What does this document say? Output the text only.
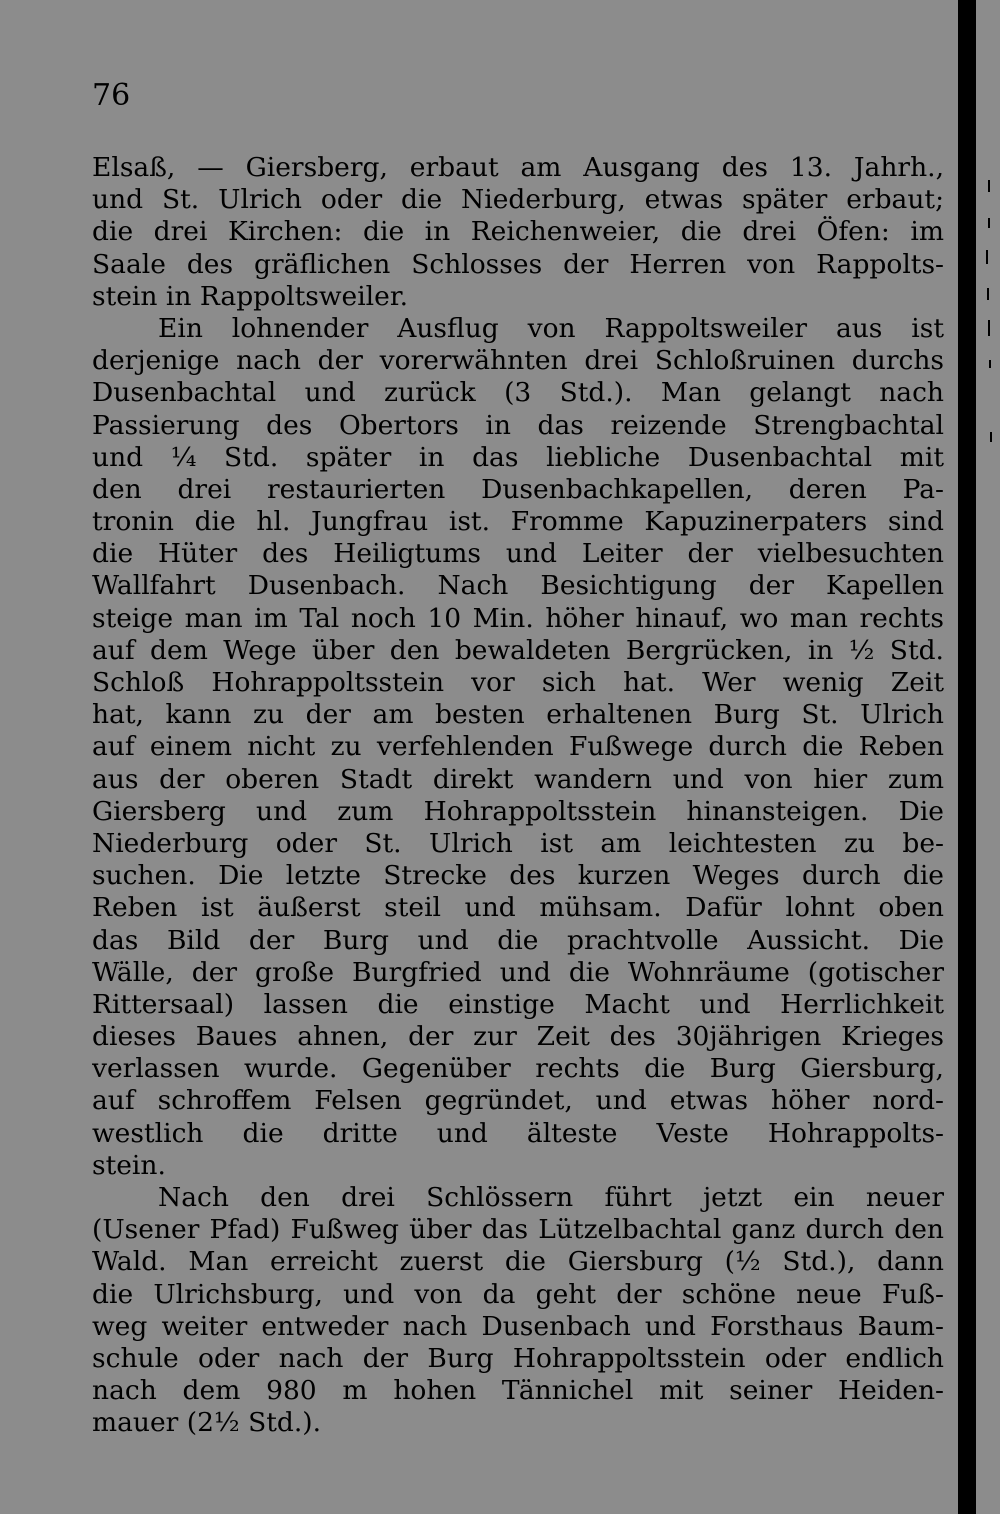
76
Elsaß, — Giersberg, erbaut am Ausgang des 13. Jahrh.,
und St. Ulrich oder die Niederburg, etwas später erbaut;
die drei Kirchen: die in Reichenweier, die drei Öfen: im
Saale des gräflichen Schlosses der Herren von Rappolts-
stein in Rappoltsweiler.
Ein lohnender Ausflug von Rappoltsweiler aus ist
derjenige nach der vorerwähnten drei Schloßruinen durchs
Dusenbachtal und zurück (3 Std.). Man gelangt nach
Passierung des Obertors in das reizende Strengbachtal
und ¼ Std. später in das liebliche Dusenbachtal mit
den drei restaurierten Dusenbachkapellen, deren Pa-
tronin die hl. Jungfrau ist. Fromme Kapuzinerpaters sind
die Hüter des Heiligtums und Leiter der vielbesuchten
Wallfahrt Dusenbach. Nach Besichtigung der Kapellen
steige man im Tal noch 10 Min. höher hinauf, wo man rechts
auf dem Wege über den bewaldeten Bergrücken, in ½ Std.
Schloß Hohrappoltsstein vor sich hat. Wer wenig Zeit
hat, kann zu der am besten erhaltenen Burg St. Ulrich
auf einem nicht zu verfehlenden Fußwege durch die Reben
aus der oberen Stadt direkt wandern und von hier zum
Giersberg und zum Hohrappoltsstein hinansteigen. Die
Niederburg oder St. Ulrich ist am leichtesten zu be-
suchen. Die letzte Strecke des kurzen Weges durch die
Reben ist äußerst steil und mühsam. Dafür lohnt oben
das Bild der Burg und die prachtvolle Aussicht. Die
Wälle, der große Burgfried und die Wohnräume (gotischer
Rittersaal) lassen die einstige Macht und Herrlichkeit
dieses Baues ahnen, der zur Zeit des 30jährigen Krieges
verlassen wurde. Gegenüber rechts die Burg Giersburg,
auf schroffem Felsen gegründet, und etwas höher nord-
westlich die dritte und älteste Veste Hohrappolts-
stein.
Nach den drei Schlössern führt jetzt ein neuer
(Usener Pfad) Fußweg über das Lützelbachtal ganz durch den
Wald. Man erreicht zuerst die Giersburg (½ Std.), dann
die Ulrichsburg, und von da geht der schöne neue Fuß-
weg weiter entweder nach Dusenbach und Forsthaus Baum-
schule oder nach der Burg Hohrappoltsstein oder endlich
nach dem 980 m hohen Tännichel mit seiner Heiden-
mauer (2½ Std.).
